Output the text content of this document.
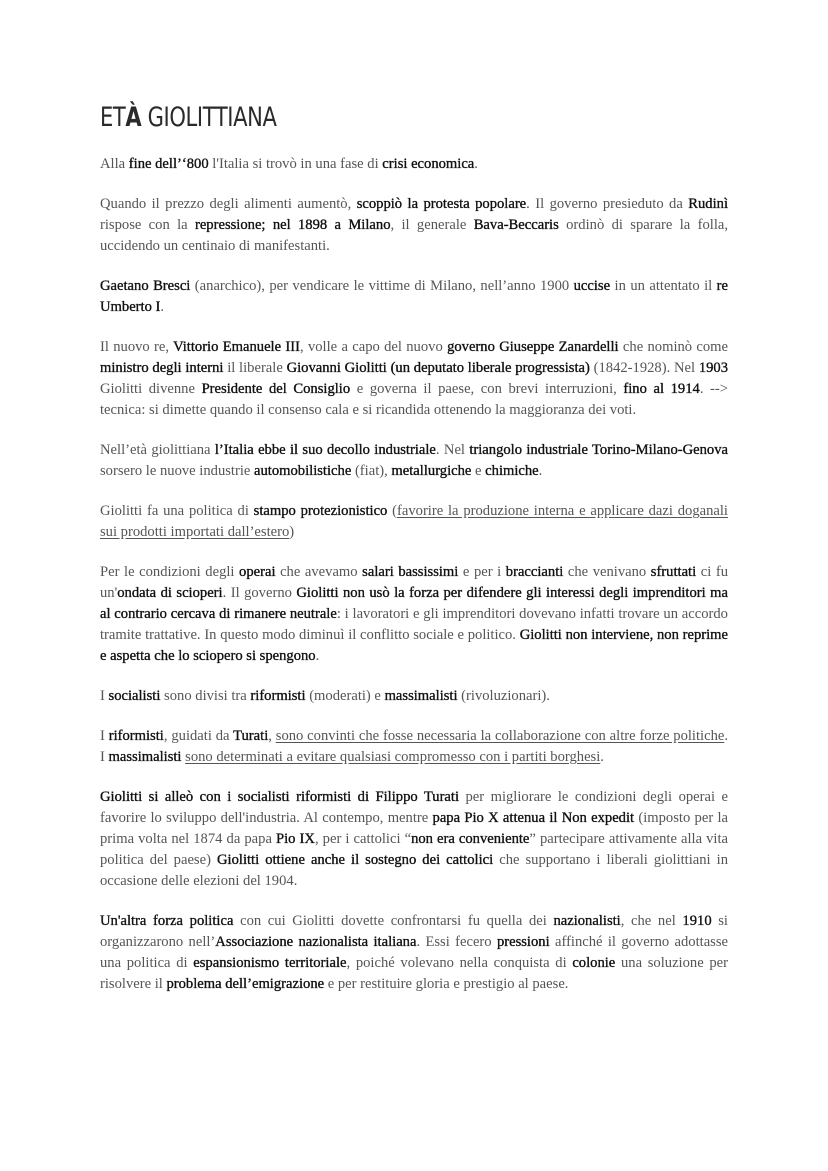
ETÀ GIOLITTIANA

Alla fine dell’‘800 l'Italia si trovò in una fase di crisi economica.

Quando il prezzo degli alimenti aumentò, scoppiò la protesta popolare. Il governo presieduto da Rudinì rispose con la repressione; nel 1898 a Milano, il generale Bava-Beccaris ordinò di sparare la folla, uccidendo un centinaio di manifestanti.

Gaetano Bresci (anarchico), per vendicare le vittime di Milano, nell’anno 1900 uccise in un attentato il re Umberto I.

Il nuovo re, Vittorio Emanuele III, volle a capo del nuovo governo Giuseppe Zanardelli che nominò come ministro degli interni il liberale Giovanni Giolitti (un deputato liberale progressista) (1842-1928). Nel 1903 Giolitti divenne Presidente del Consiglio e governa il paese, con brevi interruzioni, fino al 1914. --> tecnica: si dimette quando il consenso cala e si ricandida ottenendo la maggioranza dei voti.

Nell’età giolittiana l’Italia ebbe il suo decollo industriale. Nel triangolo industriale Torino-Milano-Genova sorsero le nuove industrie automobilistiche (fiat), metallurgiche e chimiche.

Giolitti fa una politica di stampo protezionistico (favorire la produzione interna e applicare dazi doganali sui prodotti importati dall’estero)

Per le condizioni degli operai che avevamo salari bassissimi e per i braccianti che venivano sfruttati ci fu un'ondata di scioperi. Il governo Giolitti non usò la forza per difendere gli interessi degli imprenditori ma al contrario cercava di rimanere neutrale: i lavoratori e gli imprenditori dovevano infatti trovare un accordo tramite trattative. In questo modo diminuì il conflitto sociale e politico. Giolitti non interviene, non reprime e aspetta che lo sciopero si spengono.

I socialisti sono divisi tra riformisti (moderati) e massimalisti (rivoluzionari).

I riformisti, guidati da Turati, sono convinti che fosse necessaria la collaborazione con altre forze politiche. I massimalisti sono determinati a evitare qualsiasi compromesso con i partiti borghesi.

Giolitti si alleò con i socialisti riformisti di Filippo Turati per migliorare le condizioni degli operai e favorire lo sviluppo dell'industria. Al contempo, mentre papa Pio X attenua il Non expedit (imposto per la prima volta nel 1874 da papa Pio IX, per i cattolici “non era conveniente” partecipare attivamente alla vita politica del paese) Giolitti ottiene anche il sostegno dei cattolici che supportano i liberali giolittiani in occasione delle elezioni del 1904.

Un'altra forza politica con cui Giolitti dovette confrontarsi fu quella dei nazionalisti, che nel 1910 si organizzarono nell’Associazione nazionalista italiana. Essi fecero pressioni affinché il governo adottasse una politica di espansionismo territoriale, poiché volevano nella conquista di colonie una soluzione per risolvere il problema dell’emigrazione e per restituire gloria e prestigio al paese.
